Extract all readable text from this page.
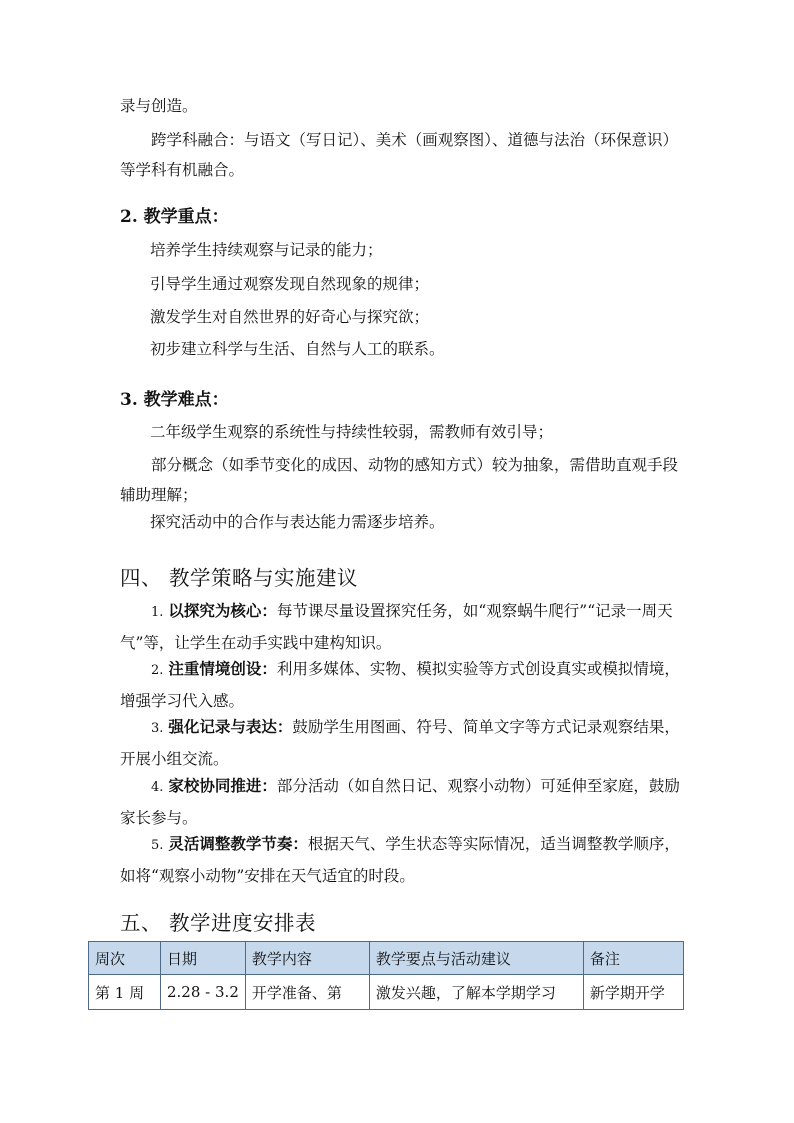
录与创造。

跨学科融合：与语文（写日记）、美术（画观察图）、道德与法治（环保意识）等学科有机融合。

2. 教学重点：

培养学生持续观察与记录的能力；

引导学生通过观察发现自然现象的规律；

激发学生对自然世界的好奇心与探究欲；

初步建立科学与生活、自然与人工的联系。

3. 教学难点：

二年级学生观察的系统性与持续性较弱，需教师有效引导；

部分概念（如季节变化的成因、动物的感知方式）较为抽象，需借助直观手段辅助理解；

探究活动中的合作与表达能力需逐步培养。

四、 教学策略与实施建议

1. 以探究为核心：每节课尽量设置探究任务，如“观察蜗牛爬行”“记录一周天气”等，让学生在动手实践中建构知识。

2. 注重情境创设：利用多媒体、实物、模拟实验等方式创设真实或模拟情境，增强学习代入感。

3. 强化记录与表达：鼓励学生用图画、符号、简单文字等方式记录观察结果，开展小组交流。

4. 家校协同推进：部分活动（如自然日记、观察小动物）可延伸至家庭，鼓励家长参与。

5. 灵活调整教学节奏：根据天气、学生状态等实际情况，适当调整教学顺序，如将“观察小动物”安排在天气适宜的时段。

五、 教学进度安排表

周次	日期	教学内容	教学要点与活动建议	备注
第 1 周	2.28 - 3.2	开学准备、第	激发兴趣，了解本学期学习	新学期开学
